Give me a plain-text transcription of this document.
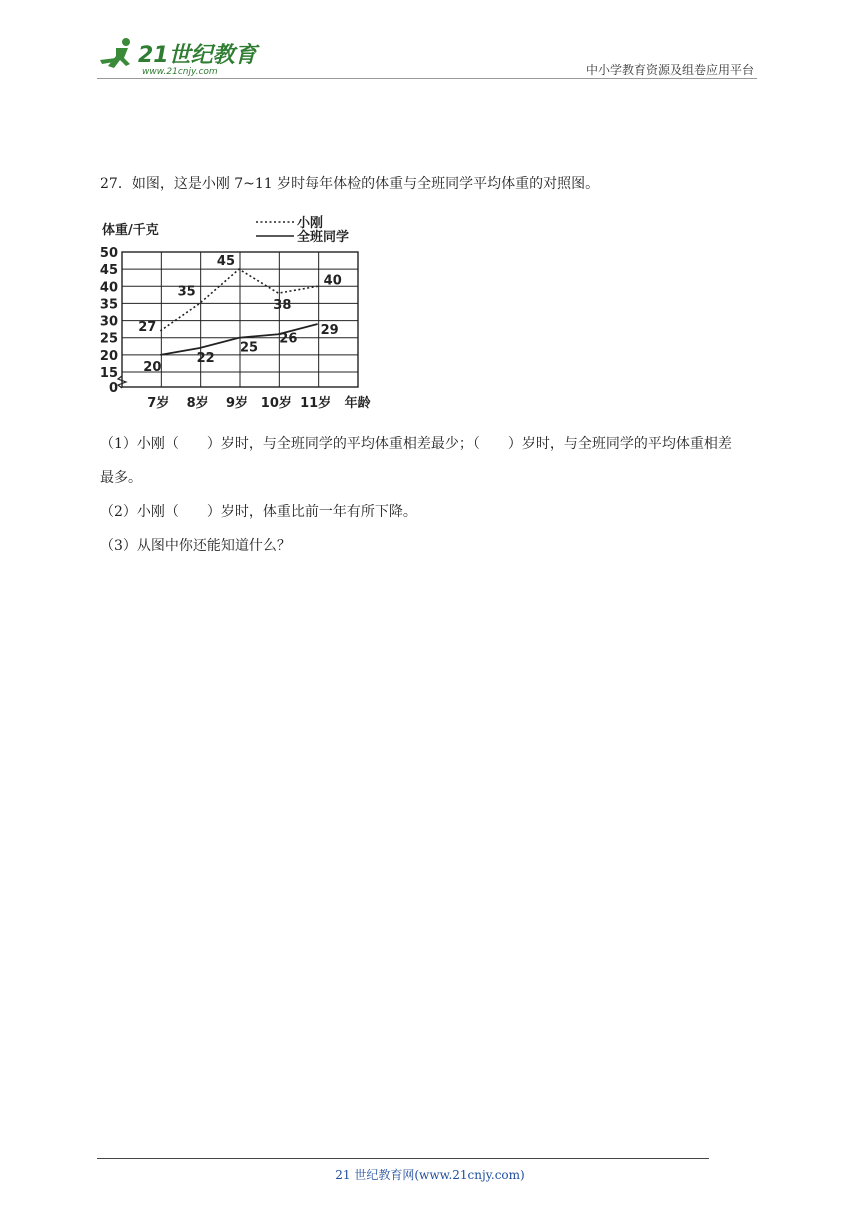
21世纪教育
www.21cnjy.com	中小学教育资源及组卷应用平台
27．如图，这是小刚 7~11 岁时每年体检的体重与全班同学平均体重的对照图。
体重/千克	小刚
全班同学
0
15
20
25
30
35
40
45
50
7岁 8岁 9岁 10岁 11岁 年龄
27
35
45
38
40
20
22
25
26
29
（1）小刚（　　）岁时，与全班同学的平均体重相差最少；（　　）岁时，与全班同学的平均体重相差
最多。
（2）小刚（　　）岁时，体重比前一年有所下降。
（3）从图中你还能知道什么？
21 世纪教育网(www.21cnjy.com)
